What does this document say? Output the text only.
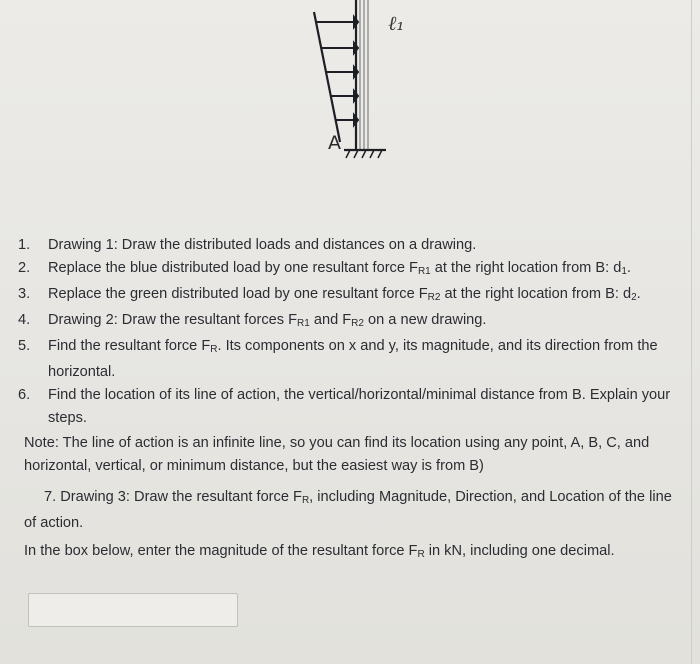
ℓ₁
A
1.	Drawing 1: Draw the distributed loads and distances on a drawing.
2.	Replace the blue distributed load by one resultant force $F_{R1}$ at the right location from B: $d_1$.
3.	Replace the green distributed load by one resultant force $F_{R2}$ at the right location from B: $d_2$.
4.	Drawing 2: Draw the resultant forces $F_{R1}$ and $F_{R2}$ on a new drawing.
5.	Find the resultant force $F_R$. Its components on x and y, its magnitude, and its direction from the horizontal.
6.	Find the location of its line of action, the vertical/horizontal/minimal distance from B. Explain your steps.
Note: The line of action is an infinite line, so you can find its location using any point, A, B, C, and horizontal, vertical, or minimum distance, but the easiest way is from B)
7. Drawing 3: Draw the resultant force $F_R$, including Magnitude, Direction, and Location of the line of action.
In the box below, enter the magnitude of the resultant force $F_R$ in kN, including one decimal.
